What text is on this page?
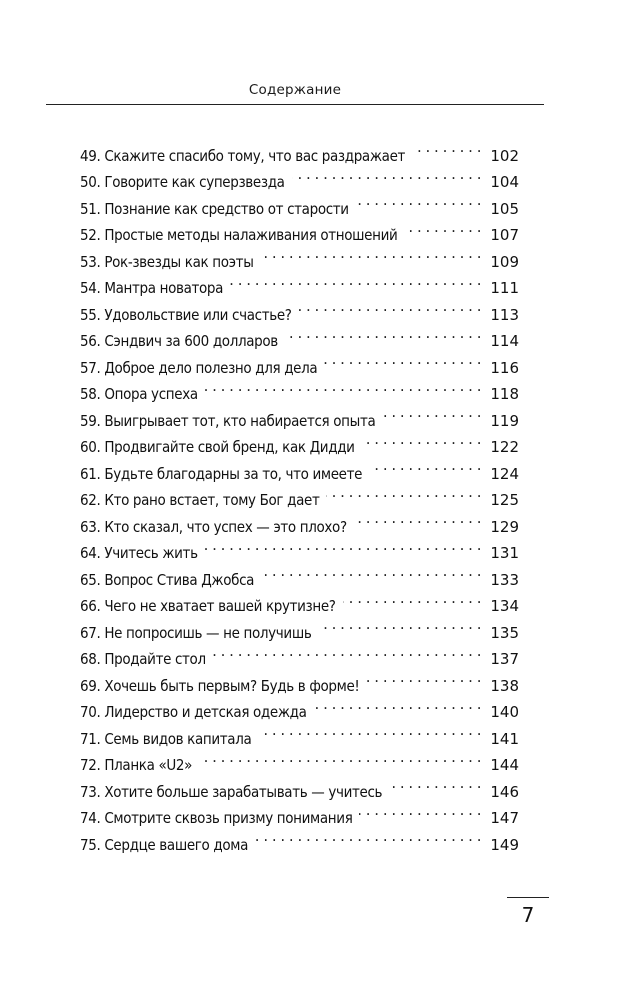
Содержание
49. Скажите спасибо тому, что вас раздражает . . .	102
50. Говорите как суперзвезда . . .	104
51. Познание как средство от старости . . .	105
52. Простые методы налаживания отношений . . .	107
53. Рок-звезды как поэты . . .	109
54. Мантра новатора . . .	111
55. Удовольствие или счастье? . . .	113
56. Сэндвич за 600 долларов . . .	114
57. Доброе дело полезно для дела . . .	116
58. Опора успеха . . .	118
59. Выигрывает тот, кто набирается опыта . . .	119
60. Продвигайте свой бренд, как Дидди . . .	122
61. Будьте благодарны за то, что имеете . . .	124
62. Кто рано встает, тому Бог дает . . .	125
63. Кто сказал, что успех — это плохо? . . .	129
64. Учитесь жить . . .	131
65. Вопрос Стива Джобса . . .	133
66. Чего не хватает вашей крутизне? . . .	134
67. Не попросишь — не получишь . . .	135
68. Продайте стол . . .	137
69. Хочешь быть первым? Будь в форме! . . .	138
70. Лидерство и детская одежда . . .	140
71. Семь видов капитала . . .	141
72. Планка «U2» . . .	144
73. Хотите больше зарабатывать — учитесь . . .	146
74. Смотрите сквозь призму понимания . . .	147
75. Сердце вашего дома . . .	149
7
